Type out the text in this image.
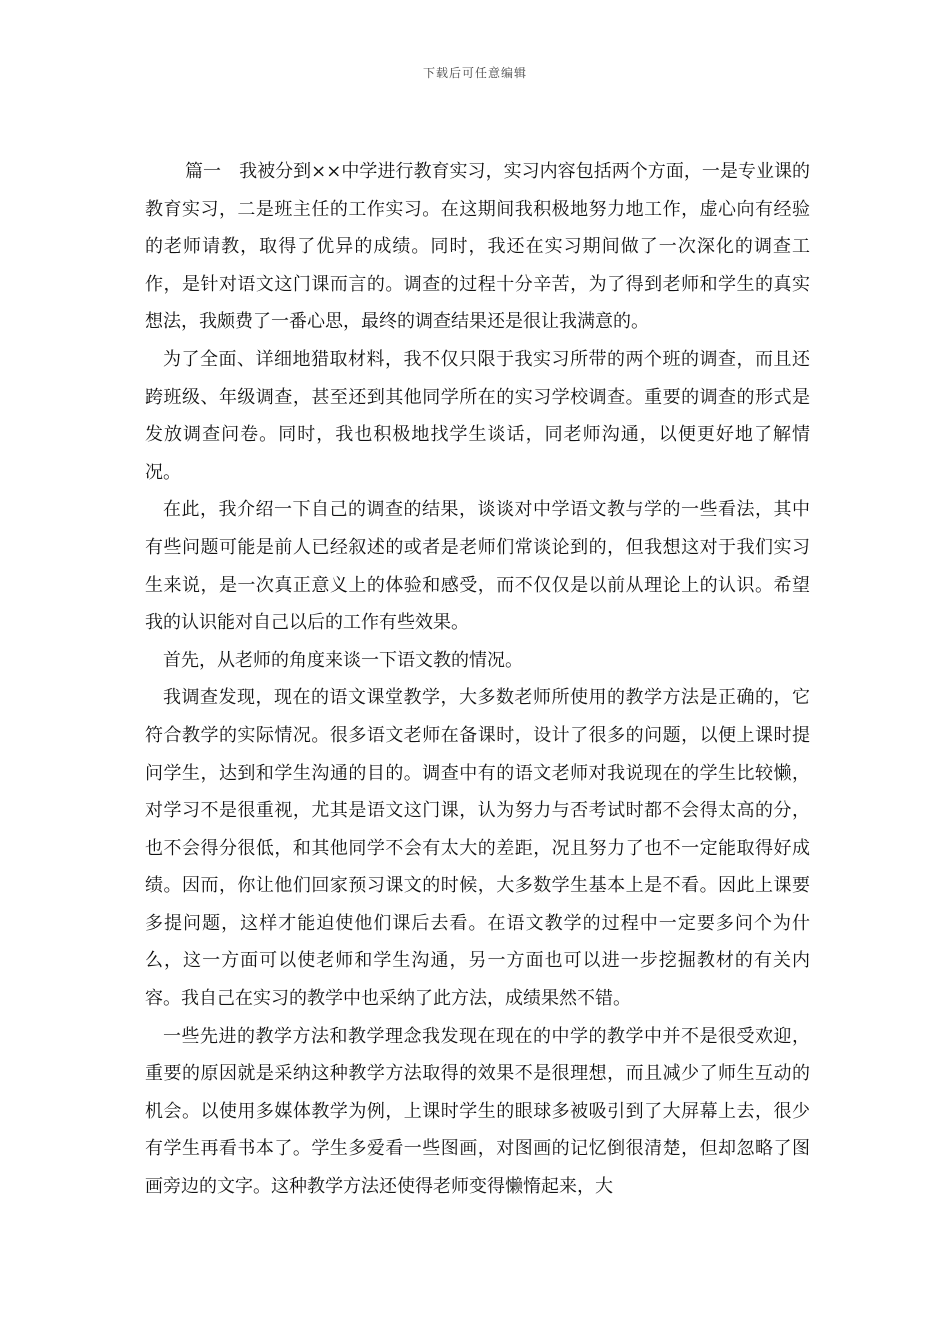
下载后可任意编辑

篇一　我被分到××中学进行教育实习，实习内容包括两个方面，一是专业课的教育实习，二是班主任的工作实习。在这期间我积极地努力地工作，虚心向有经验的老师请教，取得了优异的成绩。同时，我还在实习期间做了一次深化的调查工作，是针对语文这门课而言的。调查的过程十分辛苦，为了得到老师和学生的真实想法，我颇费了一番心思，最终的调查结果还是很让我满意的。

为了全面、详细地猎取材料，我不仅只限于我实习所带的两个班的调查，而且还跨班级、年级调查，甚至还到其他同学所在的实习学校调查。重要的调查的形式是发放调查问卷。同时，我也积极地找学生谈话，同老师沟通，以便更好地了解情况。

在此，我介绍一下自己的调查的结果，谈谈对中学语文教与学的一些看法，其中有些问题可能是前人已经叙述的或者是老师们常谈论到的，但我想这对于我们实习生来说，是一次真正意义上的体验和感受，而不仅仅是以前从理论上的认识。希望我的认识能对自己以后的工作有些效果。

首先，从老师的角度来谈一下语文教的情况。

我调查发现，现在的语文课堂教学，大多数老师所使用的教学方法是正确的，它符合教学的实际情况。很多语文老师在备课时，设计了很多的问题，以便上课时提问学生，达到和学生沟通的目的。调查中有的语文老师对我说现在的学生比较懒，对学习不是很重视，尤其是语文这门课，认为努力与否考试时都不会得太高的分，也不会得分很低，和其他同学不会有太大的差距，况且努力了也不一定能取得好成绩。因而，你让他们回家预习课文的时候，大多数学生基本上是不看。因此上课要多提问题，这样才能迫使他们课后去看。在语文教学的过程中一定要多问个为什么，这一方面可以使老师和学生沟通，另一方面也可以进一步挖掘教材的有关内容。我自己在实习的教学中也采纳了此方法，成绩果然不错。

一些先进的教学方法和教学理念我发现在现在的中学的教学中并不是很受欢迎，重要的原因就是采纳这种教学方法取得的效果不是很理想，而且减少了师生互动的机会。以使用多媒体教学为例，上课时学生的眼球多被吸引到了大屏幕上去，很少有学生再看书本了。学生多爱看一些图画，对图画的记忆倒很清楚，但却忽略了图画旁边的文字。这种教学方法还使得老师变得懒惰起来，大
